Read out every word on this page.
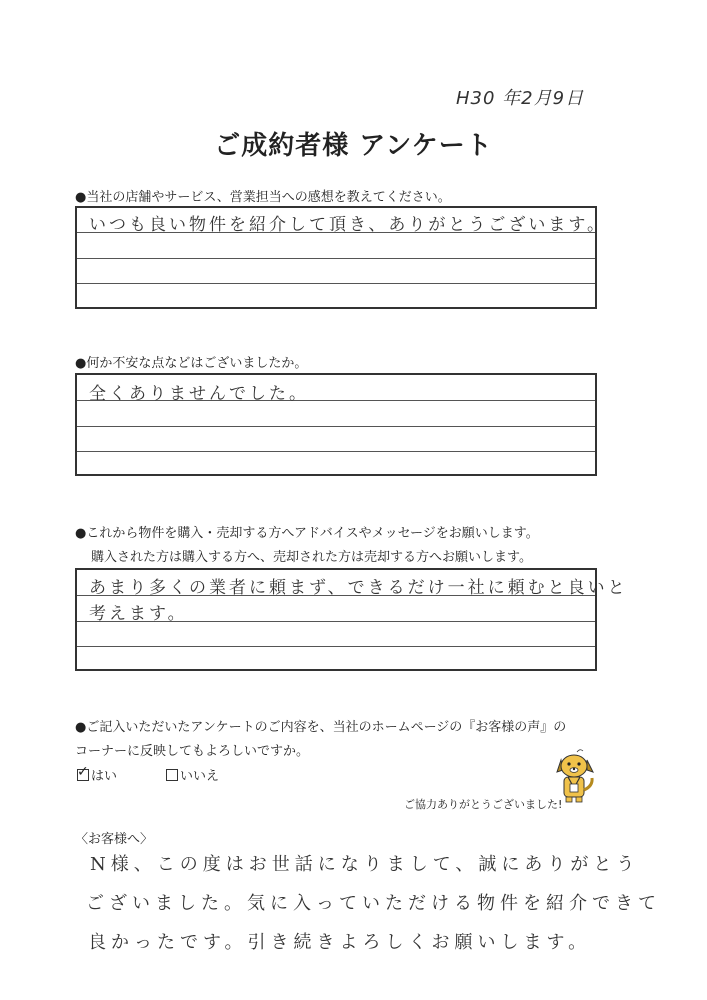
H30 年2月9日
ご成約者様 アンケート
●当社の店舗やサービス、営業担当への感想を教えてください。
いつも良い物件を紹介して頂き、ありがとうございます。
●何か不安な点などはございましたか。
全くありませんでした。
●これから物件を購入・売却する方へアドバイスやメッセージをお願いします。
購入された方は購入する方へ、売却された方は売却する方へお願いします。
あまり多くの業者に頼まず、できるだけ一社に頼むと良いと
考えます。
●ご記入いただいたアンケートのご内容を、当社のホームページの『お客様の声』の
コーナーに反映してもよろしいですか。
✓ はい	いいえ
ご協力ありがとうございました!
〈お客様へ〉
N様、この度はお世話になりまして、誠にありがとう
ございました。気に入っていただける物件を紹介できて
良かったです。引き続きよろしくお願いします。
